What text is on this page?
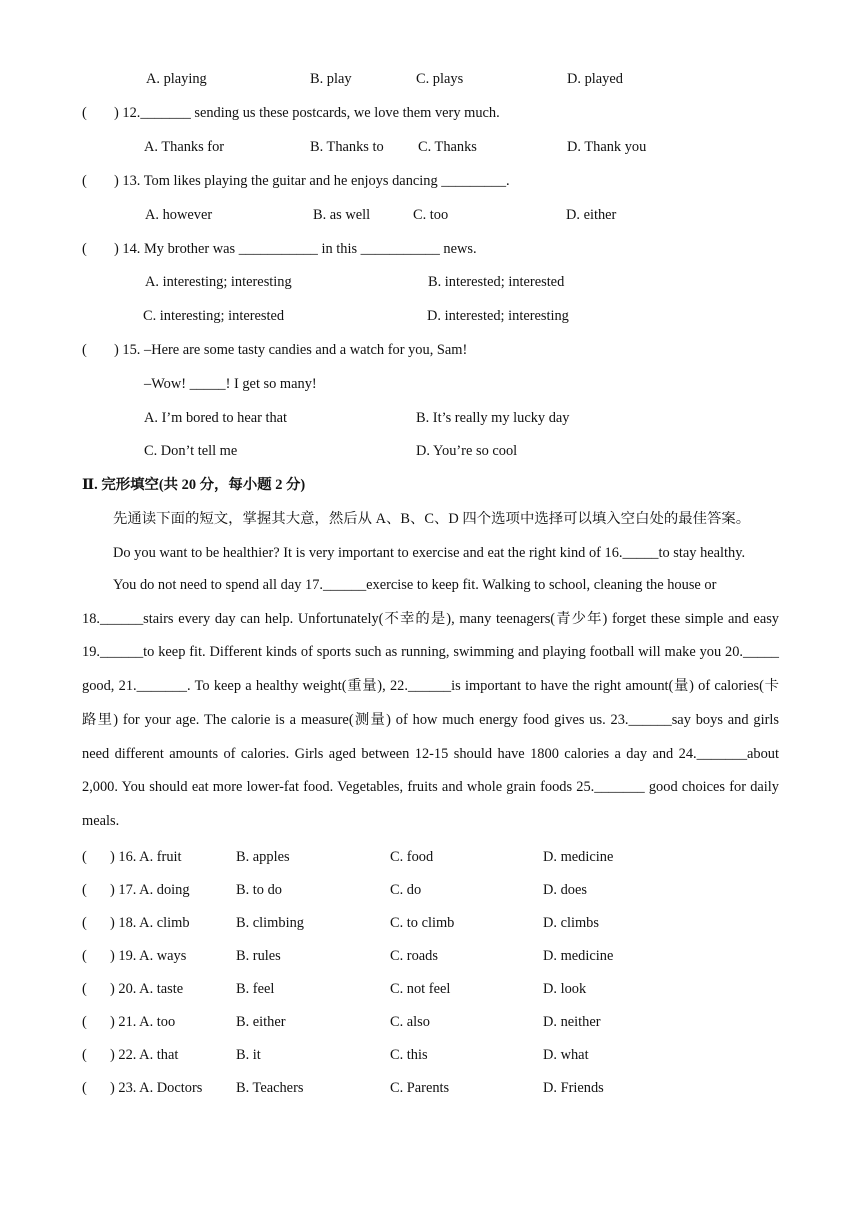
A. playing	B. play	C. plays	D. played
( ) 12._______ sending us these postcards, we love them very much.
A. Thanks for	B. Thanks to C. Thanks	D. Thank you
( ) 13. Tom likes playing the guitar and he enjoys dancing _________.
A. however	B. as well	C. too	D. either
( ) 14. My brother was ___________ in this ___________ news.
A. interesting; interesting	B. interested; interested
C. interesting; interested	D. interested; interesting
( ) 15. –Here are some tasty candies and a watch for you, Sam!
–Wow! _____! I get so many!
A. I’m bored to hear that	B. It’s really my lucky day
C. Don’t tell me	D. You’re so cool
Ⅱ. 完形填空(共 20 分，每小题 2 分)
先通读下面的短文，掌握其大意，然后从 A、B、C、D 四个选项中选择可以填入空白处的最佳答案。
Do you want to be healthier? It is very important to exercise and eat the right kind of 16._____to stay healthy.
You do not need to spend all day 17.______exercise to keep fit. Walking to school, cleaning the house or
18.______stairs every day can help. Unfortunately(不幸的是), many teenagers(青少年) forget these simple and easy 19.______to keep fit. Different kinds of sports such as running, swimming and playing football will make you 20._____ good, 21._______. To keep a healthy weight(重量), 22.______is important to have the right amount(量) of calories(卡路里) for your age. The calorie is a measure(测量) of how much energy food gives us. 23.______say boys and girls need different amounts of calories. Girls aged between 12-15 should have 1800 calories a day and 24._______about 2,000. You should eat more lower-fat food. Vegetables, fruits and whole grain foods 25._______ good choices for daily meals.
( ) 16. A. fruit	B. apples	C. food	D. medicine
( ) 17. A. doing	B. to do	C. do	D. does
( ) 18. A. climb	B. climbing	C. to climb	D. climbs
( ) 19. A. ways	B. rules	C. roads	D. medicine
( ) 20. A. taste	B. feel	C. not feel	D. look
( ) 21. A. too	B. either	C. also	D. neither
( ) 22. A. that	B. it	C. this	D. what
( ) 23. A. Doctors B. Teachers	C. Parents	D. Friends
